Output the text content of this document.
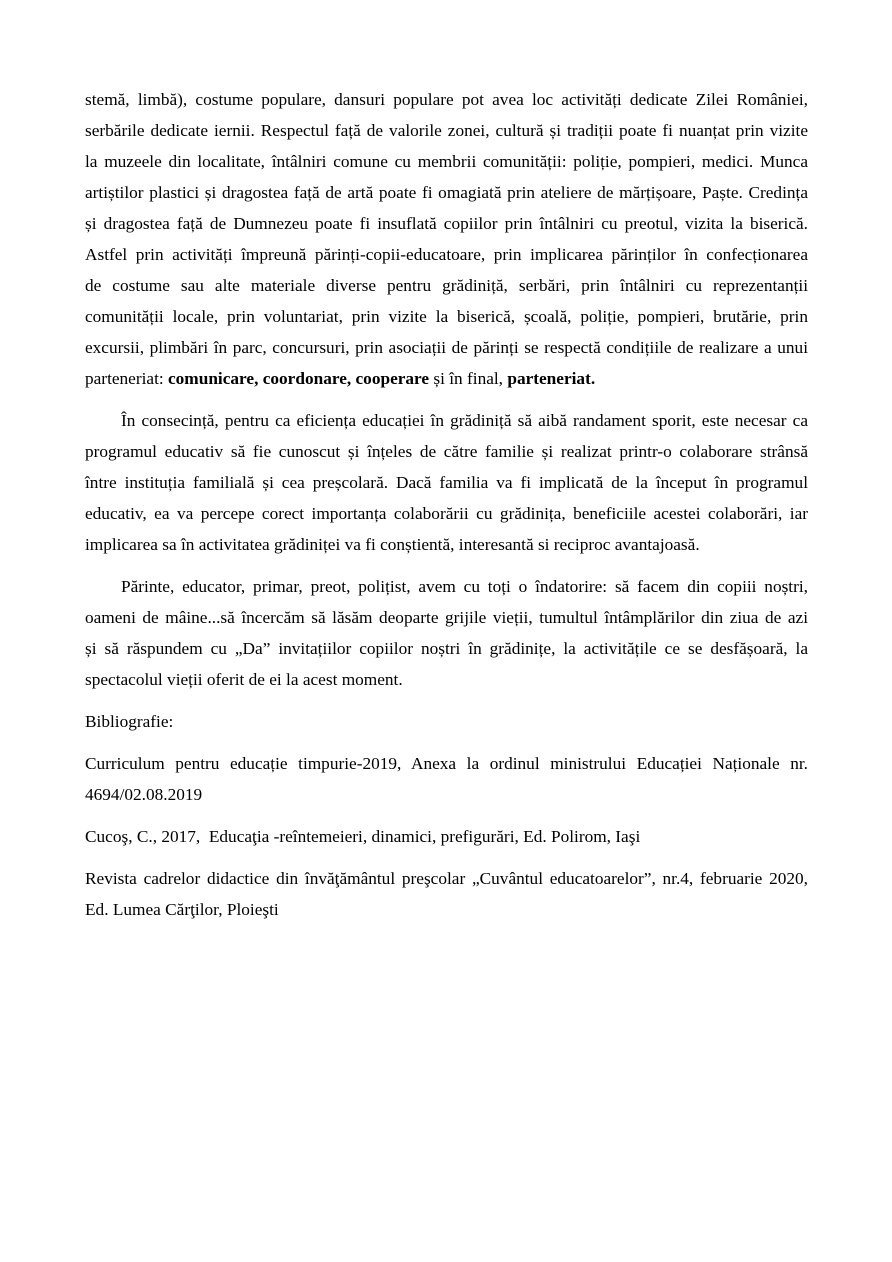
stemă, limbă), costume populare, dansuri populare pot avea loc activități dedicate Zilei României,
serbările dedicate iernii. Respectul față de valorile zonei, cultură și tradiții poate fi nuanțat prin vizite
la muzeele din localitate, întâlniri comune cu membrii comunității: poliție, pompieri, medici. Munca
artiștilor plastici și dragostea față de artă poate fi omagiată prin ateliere de mărțișoare, Paște. Credința
și dragostea față de Dumnezeu poate fi insuflată copiilor prin întâlniri cu preotul, vizita la biserică.
Astfel prin activități împreună părinți-copii-educatoare, prin implicarea părinților în confecționarea
de costume sau alte materiale diverse pentru grădiniță, serbări, prin întâlniri cu reprezentanții
comunității locale, prin voluntariat, prin vizite la biserică, școală, poliție, pompieri, brutărie, prin
excursii, plimbări în parc, concursuri, prin asociații de părinți se respectă condițiile de realizare a unui
parteneriat: comunicare, coordonare, cooperare și în final, parteneriat.
În consecință, pentru ca eficiența educației în grădiniță să aibă randament sporit, este necesar ca
programul educativ să fie cunoscut și înțeles de către familie și realizat printr-o colaborare strânsă
între instituția familială și cea preșcolară. Dacă familia va fi implicată de la început în programul
educativ, ea va percepe corect importanța colaborării cu grădinița, beneficiile acestei colaborări, iar
implicarea sa în activitatea grădiniței va fi conștientă, interesantă si reciproc avantajoasă.
Părinte, educator, primar, preot, polițist, avem cu toți o îndatorire: să facem din copiii noștri,
oameni de mâine...să încercăm să lăsăm deoparte grijile vieții, tumultul întâmplărilor din ziua de azi
și să răspundem cu „Da” invitațiilor copiilor noștri în grădinițe, la activitățile ce se desfășoară, la
spectacolul vieții oferit de ei la acest moment.
Bibliografie:
Curriculum pentru educație timpurie-2019, Anexa la ordinul ministrului Educației Naționale nr.
4694/02.08.2019
Cucoş, C., 2017,  Educaţia -reîntemeieri, dinamici, prefigurări, Ed. Polirom, Iaşi
Revista cadrelor didactice din învăţământul preşcolar „Cuvântul educatoarelor”, nr.4, februarie 2020,
Ed. Lumea Cărţilor, Ploieşti
